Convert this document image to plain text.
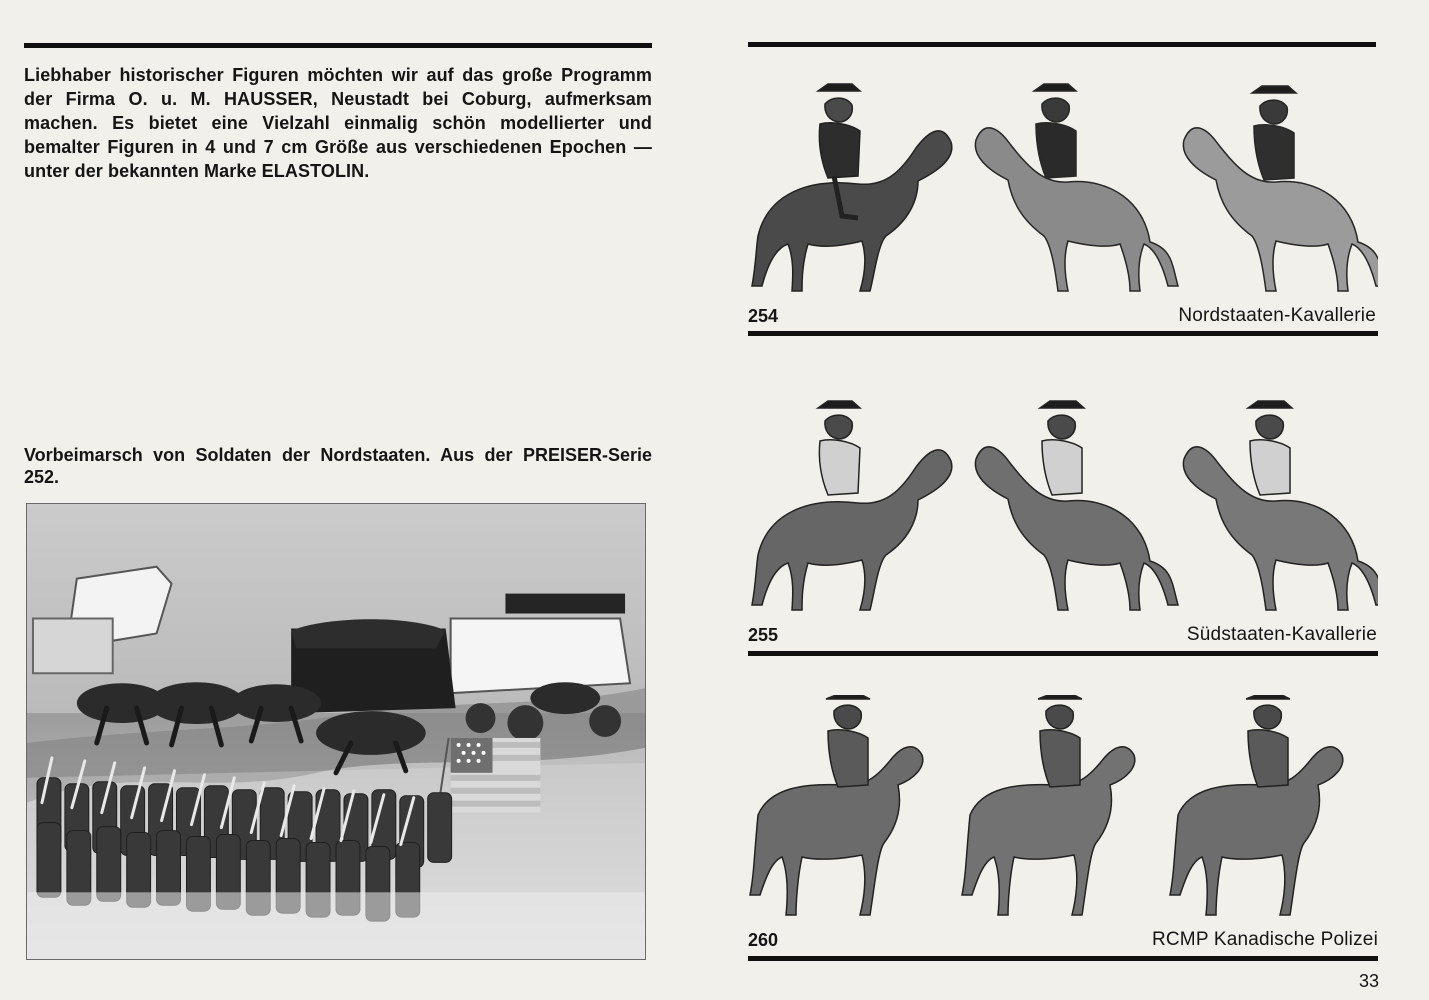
Liebhaber historischer Figuren möchten wir auf das große Programm der Firma O. u. M. HAUSSER, Neustadt bei Coburg, aufmerksam machen. Es bietet eine Vielzahl einmalig schön modellierter und bemalter Figuren in 4 und 7 cm Größe aus verschiedenen Epochen — unter der bekannten Marke ELASTOLIN.

Vorbeimarsch von Soldaten der Nordstaaten. Aus der PREISER-Serie 252.

254	Nordstaaten-Kavallerie
255	Südstaaten-Kavallerie
260	RCMP Kanadische Polizei
33
